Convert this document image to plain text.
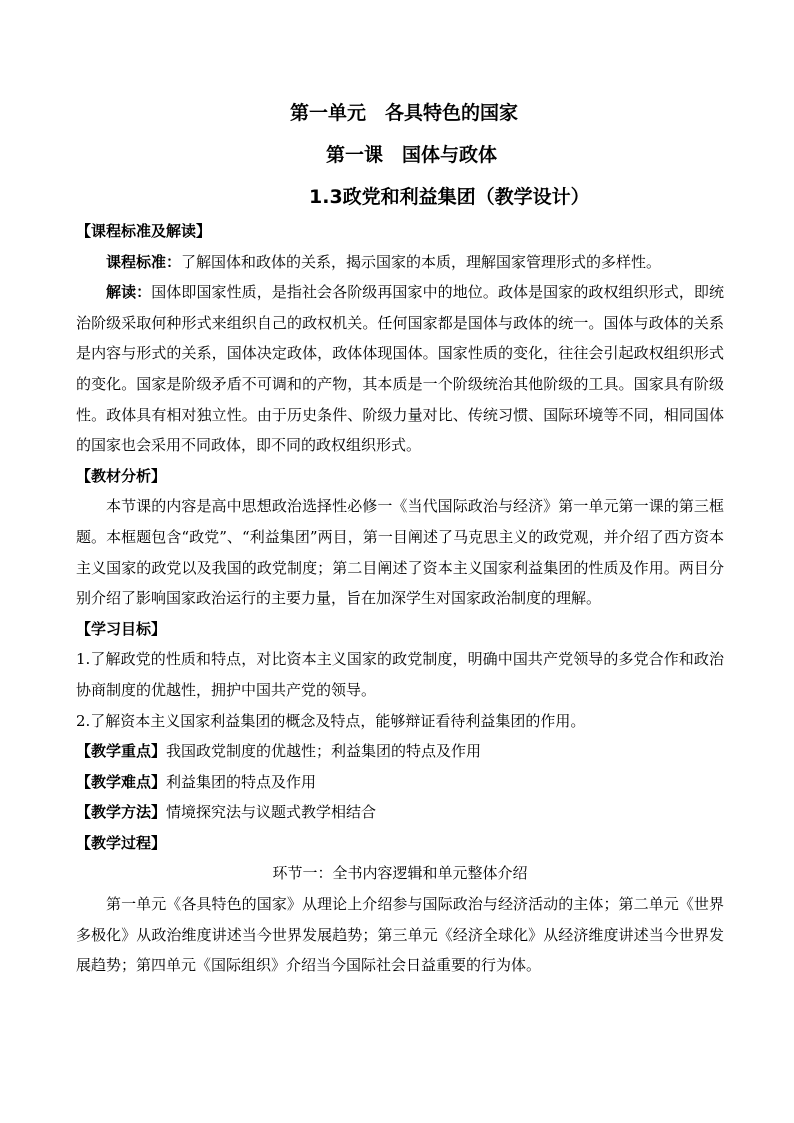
第一单元　各具特色的国家
第一课　国体与政体
1.3政党和利益集团（教学设计）

【课程标准及解读】

课程标准：了解国体和政体的关系，揭示国家的本质，理解国家管理形式的多样性。

解读：国体即国家性质，是指社会各阶级再国家中的地位。政体是国家的政权组织形式，即统治阶级采取何种形式来组织自己的政权机关。任何国家都是国体与政体的统一。国体与政体的关系是内容与形式的关系，国体决定政体，政体体现国体。国家性质的变化，往往会引起政权组织形式的变化。国家是阶级矛盾不可调和的产物，其本质是一个阶级统治其他阶级的工具。国家具有阶级性。政体具有相对独立性。由于历史条件、阶级力量对比、传统习惯、国际环境等不同，相同国体的国家也会采用不同政体，即不同的政权组织形式。

【教材分析】

本节课的内容是高中思想政治选择性必修一《当代国际政治与经济》第一单元第一课的第三框题。本框题包含“政党”、“利益集团”两目，第一目阐述了马克思主义的政党观，并介绍了西方资本主义国家的政党以及我国的政党制度；第二目阐述了资本主义国家利益集团的性质及作用。两目分别介绍了影响国家政治运行的主要力量，旨在加深学生对国家政治制度的理解。

【学习目标】

1.了解政党的性质和特点，对比资本主义国家的政党制度，明确中国共产党领导的多党合作和政治协商制度的优越性，拥护中国共产党的领导。

2.了解资本主义国家利益集团的概念及特点，能够辩证看待利益集团的作用。

【教学重点】我国政党制度的优越性；利益集团的特点及作用

【教学难点】利益集团的特点及作用

【教学方法】情境探究法与议题式教学相结合

【教学过程】

环节一：全书内容逻辑和单元整体介绍

第一单元《各具特色的国家》从理论上介绍参与国际政治与经济活动的主体；第二单元《世界多极化》从政治维度讲述当今世界发展趋势；第三单元《经济全球化》从经济维度讲述当今世界发展趋势；第四单元《国际组织》介绍当今国际社会日益重要的行为体。
